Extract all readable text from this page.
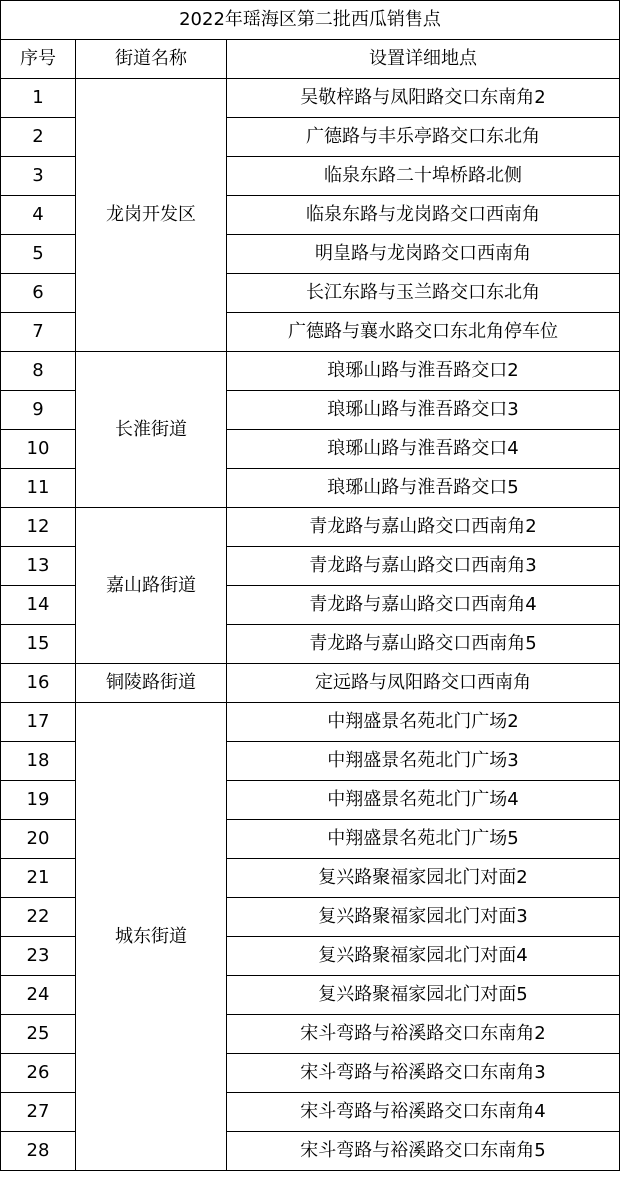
2022年瑶海区第二批西瓜销售点		
序号	街道名称	设置详细地点
1	龙岗开发区	吴敬梓路与凤阳路交口东南角2
2		广德路与丰乐亭路交口东北角
3		临泉东路二十埠桥路北侧
4		临泉东路与龙岗路交口西南角
5		明皇路与龙岗路交口西南角
6		长江东路与玉兰路交口东北角
7		广德路与襄水路交口东北角停车位
8	长淮街道	琅琊山路与淮吾路交口2
9		琅琊山路与淮吾路交口3
10		琅琊山路与淮吾路交口4
11		琅琊山路与淮吾路交口5
12	嘉山路街道	青龙路与嘉山路交口西南角2
13		青龙路与嘉山路交口西南角3
14		青龙路与嘉山路交口西南角4
15		青龙路与嘉山路交口西南角5
16	铜陵路街道	定远路与凤阳路交口西南角
17	城东街道	中翔盛景名苑北门广场2
18		中翔盛景名苑北门广场3
19		中翔盛景名苑北门广场4
20		中翔盛景名苑北门广场5
21		复兴路聚福家园北门对面2
22		复兴路聚福家园北门对面3
23		复兴路聚福家园北门对面4
24		复兴路聚福家园北门对面5
25		宋斗弯路与裕溪路交口东南角2
26		宋斗弯路与裕溪路交口东南角3
27		宋斗弯路与裕溪路交口东南角4
28		宋斗弯路与裕溪路交口东南角5
